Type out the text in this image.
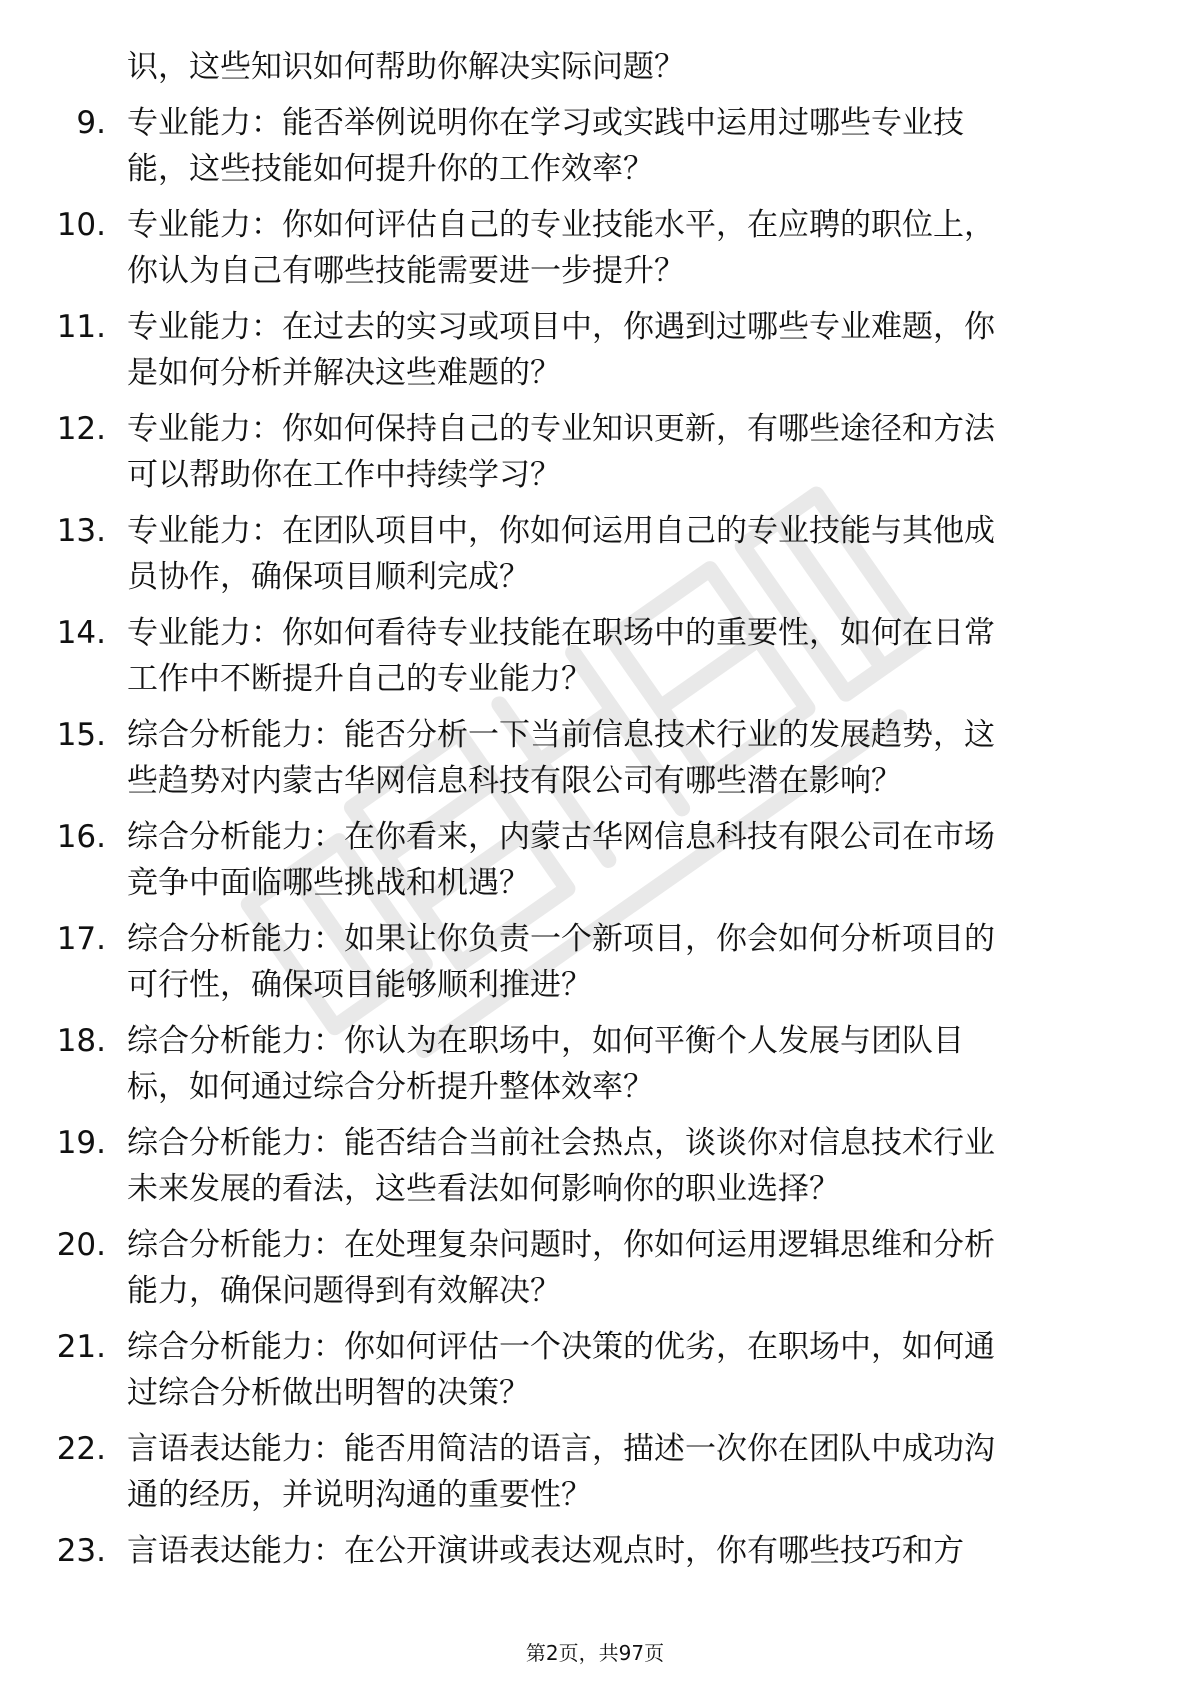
识，这些知识如何帮助你解决实际问题？
9. 专业能力：能否举例说明你在学习或实践中运用过哪些专业技
能，这些技能如何提升你的工作效率？
10. 专业能力：你如何评估自己的专业技能水平，在应聘的职位上，
你认为自己有哪些技能需要进一步提升？
11. 专业能力：在过去的实习或项目中，你遇到过哪些专业难题，你
是如何分析并解决这些难题的？
12. 专业能力：你如何保持自己的专业知识更新，有哪些途径和方法
可以帮助你在工作中持续学习？
13. 专业能力：在团队项目中，你如何运用自己的专业技能与其他成
员协作，确保项目顺利完成？
14. 专业能力：你如何看待专业技能在职场中的重要性，如何在日常
工作中不断提升自己的专业能力？
15. 综合分析能力：能否分析一下当前信息技术行业的发展趋势，这
些趋势对内蒙古华网信息科技有限公司有哪些潜在影响？
16. 综合分析能力：在你看来，内蒙古华网信息科技有限公司在市场
竞争中面临哪些挑战和机遇？
17. 综合分析能力：如果让你负责一个新项目，你会如何分析项目的
可行性，确保项目能够顺利推进？
18. 综合分析能力：你认为在职场中，如何平衡个人发展与团队目
标，如何通过综合分析提升整体效率？
19. 综合分析能力：能否结合当前社会热点，谈谈你对信息技术行业
未来发展的看法，这些看法如何影响你的职业选择？
20. 综合分析能力：在处理复杂问题时，你如何运用逻辑思维和分析
能力，确保问题得到有效解决？
21. 综合分析能力：你如何评估一个决策的优劣，在职场中，如何通
过综合分析做出明智的决策？
22. 言语表达能力：能否用简洁的语言，描述一次你在团队中成功沟
通的经历，并说明沟通的重要性？
23. 言语表达能力：在公开演讲或表达观点时，你有哪些技巧和方
第2页，共97页
